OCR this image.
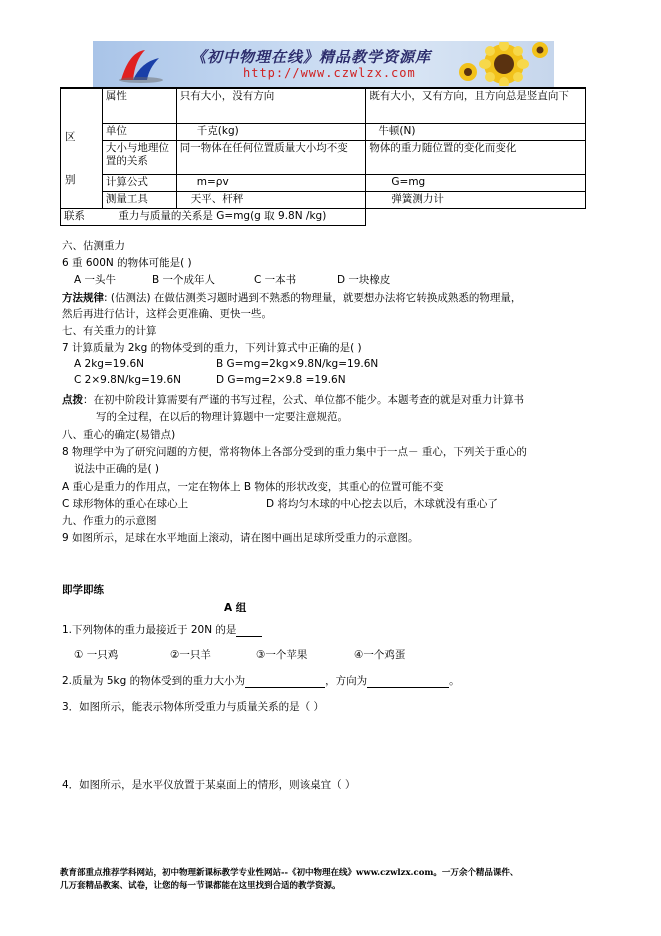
《初中物理在线》精品教学资源库
http://www.czwlzx.com
区
别	属性	只有大小，没有方向	既有大小，又有方向，且方向总是竖直向下
	单位	千克(kg)	牛顿(N)
	大小与地理位置的关系	同一物体在任何位置质量大小均不变	物体的重力随位置的变化而变化
	计算公式	m=ρv	G=mg
	测量工具	天平、杆秤	弹簧测力计
联系	重力与质量的关系是 G=mg(g 取 9.8N /kg)		
六、估测重力
6 重 600N 的物体可能是( )
A 一头牛	B 一个成年人	C 一本书	D 一块橡皮
方法规律: (估测法) 在做估测类习题时遇到不熟悉的物理量，就要想办法将它转换成熟悉的物理量，
然后再进行估计，这样会更准确、更快一些。
七、有关重力的计算
7 计算质量为 2kg 的物体受到的重力，下列计算式中正确的是( )
A 2kg=19.6N	B G=mg=2kg×9.8N/kg=19.6N
C 2×9.8N/kg=19.6N	D G=mg=2×9.8 =19.6N
点拨：在初中阶段计算需要有严谨的书写过程，公式、单位都不能少。本题考查的就是对重力计算书
写的全过程，在以后的物理计算题中一定要注意规范。
八、重心的确定(易错点)
8 物理学中为了研究问题的方便，常将物体上各部分受到的重力集中于一点－ 重心，下列关于重心的
说法中正确的是( )
A 重心是重力的作用点，一定在物体上 B 物体的形状改变，其重心的位置可能不变
C 球形物体的重心在球心上	D 将均匀木球的中心挖去以后，木球就没有重心了
九、作重力的示意图
9 如图所示，足球在水平地面上滚动，请在图中画出足球所受重力的示意图。
即学即练
A 组
1.下列物体的重力最接近于 20N 的是
① 一只鸡	②一只羊	③一个苹果	④一个鸡蛋
2.质量为 5kg 的物体受到的重力大小为	，方向为	。
3．如图所示，能表示物体所受重力与质量关系的是（ ）
4．如图所示，是水平仪放置于某桌面上的情形，则该桌宜（ ）
教育部重点推荐学科网站，初中物理新课标教学专业性网站--《初中物理在线》www.czwlzx.com。一万余个精品课件、
几万套精品教案、试卷，让您的每一节课都能在这里找到合适的教学资源。
